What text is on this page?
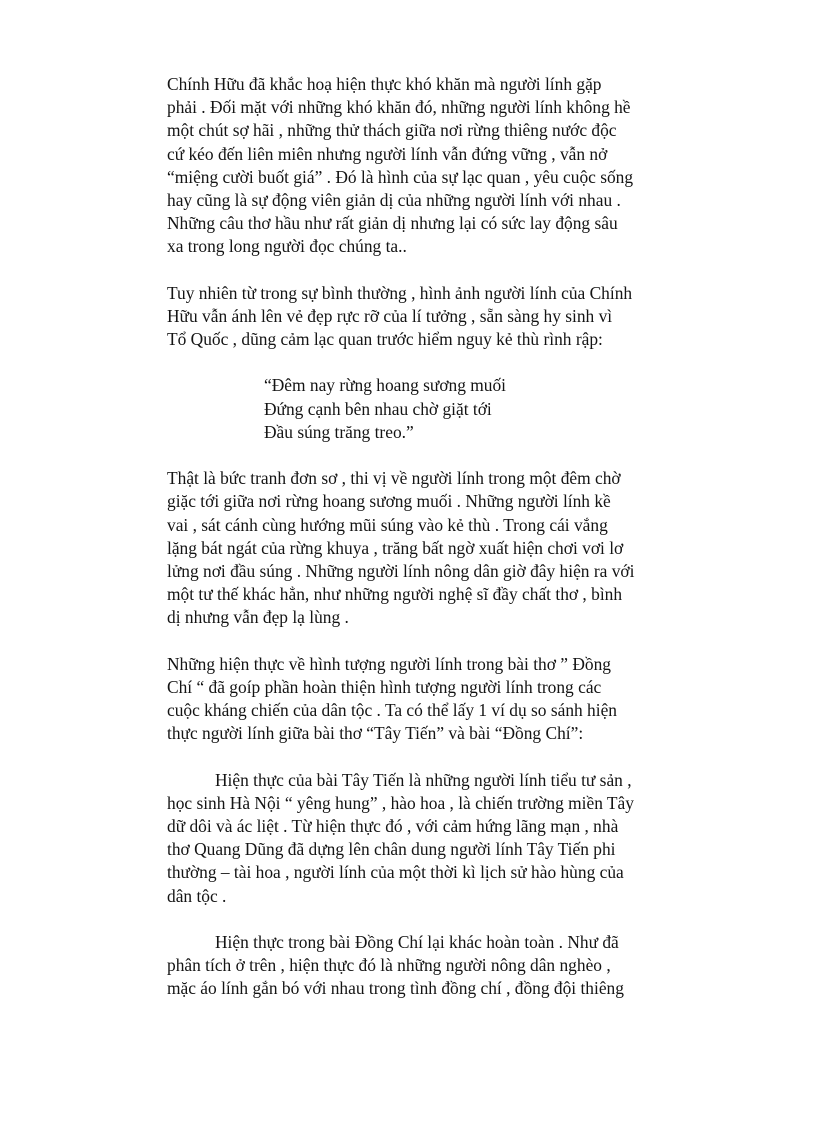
Chính Hữu đã khắc hoạ hiện thực khó khăn mà người lính gặp
phải . Đối mặt với những khó khăn đó, những người lính không hề
một chút sợ hãi , những thử thách giữa nơi rừng thiêng nước độc
cứ kéo đến liên miên nhưng người lính vẫn đứng vững , vẫn nở
“miệng cười buốt giá” . Đó là hình của sự lạc quan , yêu cuộc sống
hay cũng là sự động viên giản dị của những người lính với nhau .
Những câu thơ hầu như rất giản dị nhưng lại có sức lay động sâu
xa trong long người đọc chúng ta..
Tuy nhiên từ trong sự bình thường , hình ảnh người lính của Chính
Hữu vẫn ánh lên vẻ đẹp rực rỡ của lí tưởng , sẵn sàng hy sinh vì
Tổ Quốc , dũng cảm lạc quan trước hiểm nguy kẻ thù rình rập:
“Đêm nay rừng hoang sương muối
Đứng cạnh bên nhau chờ giặt tới
Đầu súng trăng treo.”
Thật là bức tranh đơn sơ , thi vị về người lính trong một đêm chờ
giặc tới giữa nơi rừng hoang sương muối . Những người lính kề
vai , sát cánh cùng hướng mũi súng vào kẻ thù . Trong cái vắng
lặng bát ngát của rừng khuya , trăng bất ngờ xuất hiện chơi vơi lơ
lửng nơi đầu súng . Những người lính nông dân giờ đây hiện ra với
một tư thế khác hẳn, như những người nghệ sĩ đầy chất thơ , bình
dị nhưng vẫn đẹp lạ lùng .
Những hiện thực về hình tượng người lính trong bài thơ ” Đồng
Chí “ đã goíp phần hoàn thiện hình tượng người lính trong các
cuộc kháng chiến của dân tộc . Ta có thể lấy 1 ví dụ so sánh hiện
thực người lính giữa bài thơ “Tây Tiến” và bài “Đồng Chí”:
Hiện thực của bài Tây Tiến là những người lính tiểu tư sản ,
học sinh Hà Nội “ yêng hung” , hào hoa , là chiến trường miền Tây
dữ dôi và ác liệt . Từ hiện thực đó , với cảm hứng lãng mạn , nhà
thơ Quang Dũng đã dựng lên chân dung người lính Tây Tiến phi
thường – tài hoa , người lính của một thời kì lịch sử hào hùng của
dân tộc .
Hiện thực trong bài Đồng Chí lại khác hoàn toàn . Như đã
phân tích ở trên , hiện thực đó là những người nông dân nghèo ,
mặc áo lính gắn bó với nhau trong tình đồng chí , đồng đội thiêng
